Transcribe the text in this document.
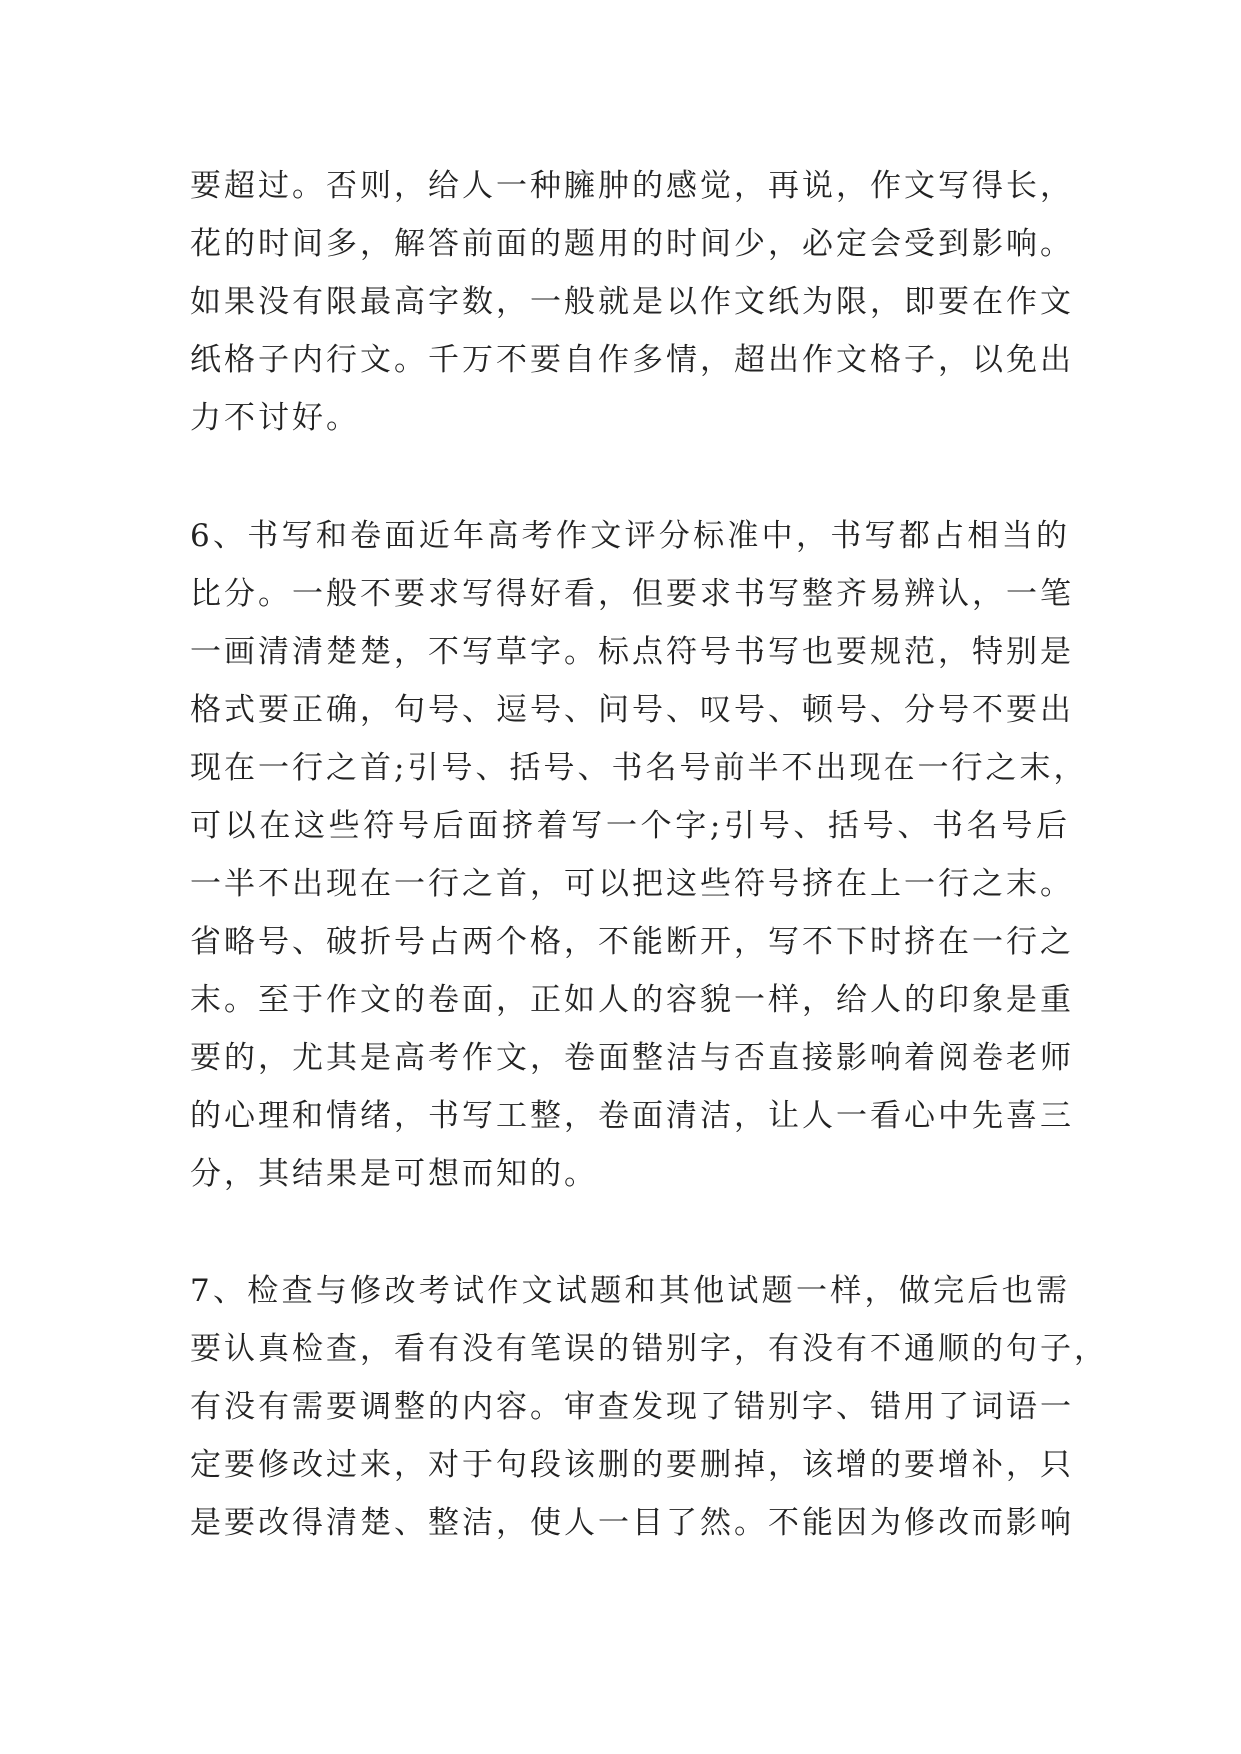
要超过。否则，给人一种臃肿的感觉，再说，作文写得长，
花的时间多，解答前面的题用的时间少，必定会受到影响。
如果没有限最高字数，一般就是以作文纸为限，即要在作文
纸格子内行文。千万不要自作多情，超出作文格子，以免出
力不讨好。
6、书写和卷面近年高考作文评分标准中，书写都占相当的
比分。一般不要求写得好看，但要求书写整齐易辨认，一笔
一画清清楚楚，不写草字。标点符号书写也要规范，特别是
格式要正确，句号、逗号、问号、叹号、顿号、分号不要出
现在一行之首;引号、括号、书名号前半不出现在一行之末，
可以在这些符号后面挤着写一个字;引号、括号、书名号后
一半不出现在一行之首，可以把这些符号挤在上一行之末。
省略号、破折号占两个格，不能断开，写不下时挤在一行之
末。至于作文的卷面，正如人的容貌一样，给人的印象是重
要的，尤其是高考作文，卷面整洁与否直接影响着阅卷老师
的心理和情绪，书写工整，卷面清洁，让人一看心中先喜三
分，其结果是可想而知的。
7、检查与修改考试作文试题和其他试题一样，做完后也需
要认真检查，看有没有笔误的错别字，有没有不通顺的句子，
有没有需要调整的内容。审查发现了错别字、错用了词语一
定要修改过来，对于句段该删的要删掉，该增的要增补，只
是要改得清楚、整洁，使人一目了然。不能因为修改而影响
